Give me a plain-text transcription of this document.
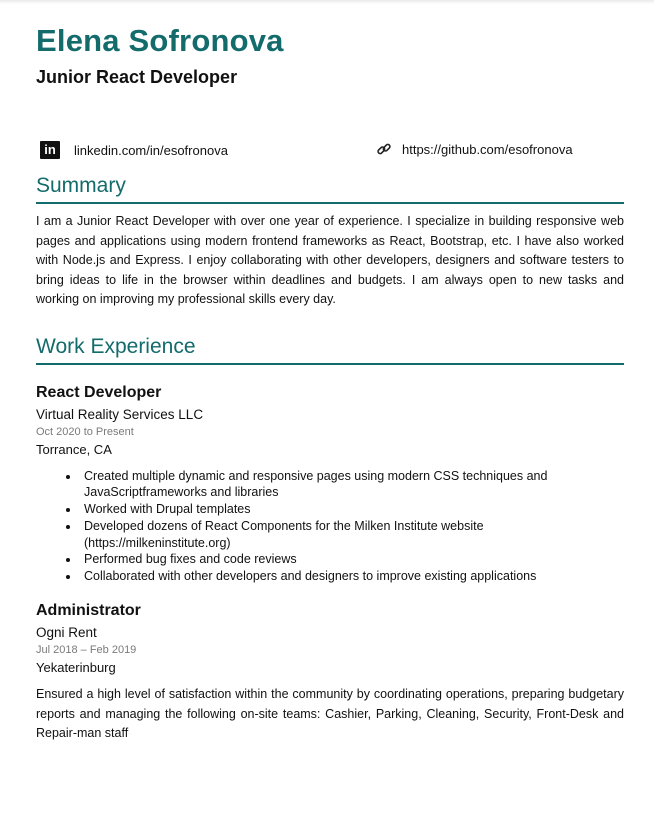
Elena Sofronova
Junior React Developer
in	linkedin.com/in/esofronova	https://github.com/esofronova
Summary
I am a Junior React Developer with over one year of experience. I specialize in building responsive web pages and applications using modern frontend frameworks as React, Bootstrap, etc. I have also worked with Node.js and Express. I enjoy collaborating with other developers, designers and software testers to bring ideas to life in the browser within deadlines and budgets. I am always open to new tasks and working on improving my professional skills every day.
Work Experience
React Developer
Virtual Reality Services LLC
Oct 2020 to Present
Torrance, CA
• Created multiple dynamic and responsive pages using modern CSS techniques and JavaScriptframeworks and libraries
• Worked with Drupal templates
• Developed dozens of React Components for the Milken Institute website (https://milkeninstitute.org)
• Performed bug fixes and code reviews
• Collaborated with other developers and designers to improve existing applications
Administrator
Ogni Rent
Jul 2018 – Feb 2019
Yekaterinburg
Ensured a high level of satisfaction within the community by coordinating operations, preparing budgetary reports and managing the following on-site teams: Cashier, Parking, Cleaning, Security, Front-Desk and Repair-man staff
